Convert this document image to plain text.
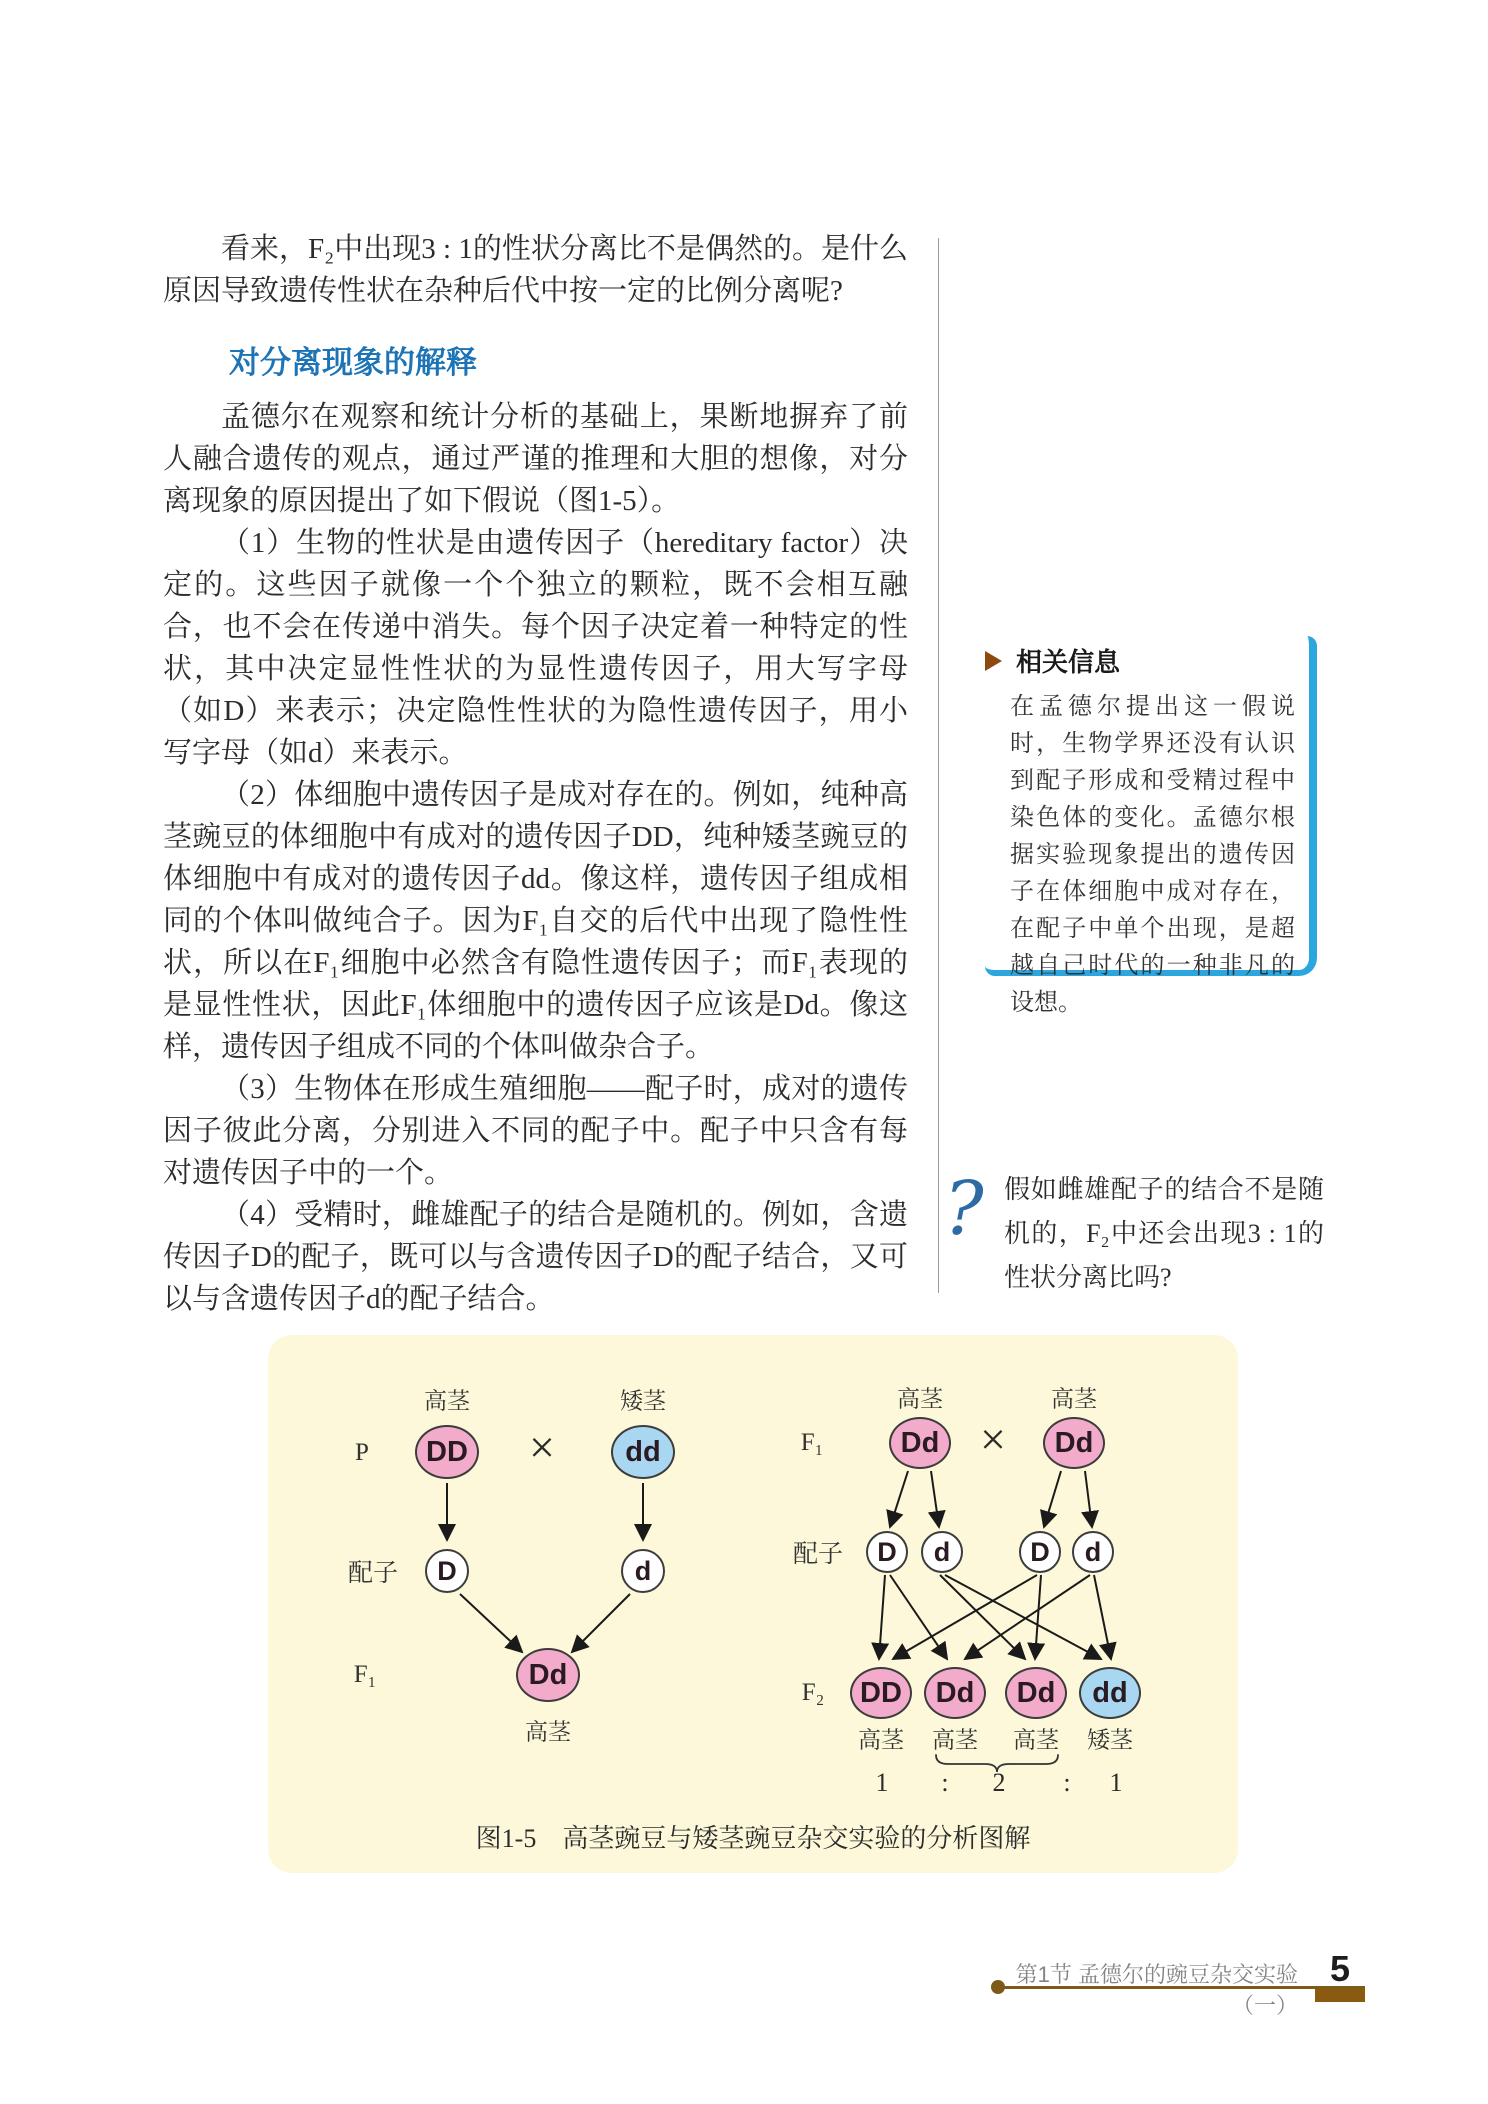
看来，F₂中出现3 : 1的性状分离比不是偶然的。是什么原因导致遗传性状在杂种后代中按一定的比例分离呢?

对分离现象的解释

孟德尔在观察和统计分析的基础上，果断地摒弃了前人融合遗传的观点，通过严谨的推理和大胆的想像，对分离现象的原因提出了如下假说（图1-5）。

（1）生物的性状是由遗传因子（hereditary factor）决定的。这些因子就像一个个独立的颗粒，既不会相互融合，也不会在传递中消失。每个因子决定着一种特定的性状，其中决定显性性状的为显性遗传因子，用大写字母（如D）来表示；决定隐性性状的为隐性遗传因子，用小写字母（如d）来表示。

（2）体细胞中遗传因子是成对存在的。例如，纯种高茎豌豆的体细胞中有成对的遗传因子DD，纯种矮茎豌豆的体细胞中有成对的遗传因子dd。像这样，遗传因子组成相同的个体叫做纯合子。因为F₁自交的后代中出现了隐性性状，所以在F₁细胞中必然含有隐性遗传因子；而F₁表现的是显性性状，因此F₁体细胞中的遗传因子应该是Dd。像这样，遗传因子组成不同的个体叫做杂合子。

（3）生物体在形成生殖细胞——配子时，成对的遗传因子彼此分离，分别进入不同的配子中。配子中只含有每对遗传因子中的一个。

（4）受精时，雌雄配子的结合是随机的。例如，含遗传因子D的配子，既可以与含遗传因子D的配子结合，又可以与含遗传因子d的配子结合。

相关信息
在孟德尔提出这一假说时，生物学界还没有认识到配子形成和受精过程中染色体的变化。孟德尔根据实验现象提出的遗传因子在体细胞中成对存在，在配子中单个出现，是超越自己时代的一种非凡的设想。
? 假如雌雄配子的结合不是随机的，F₂中还会出现3 : 1的性状分离比吗?
高茎	矮茎
P	DD ×	dd
配子	D	d
F₁	Dd
高茎
F₁
高茎	高茎
Dd ×	Dd
配子	D	d	D	d
F₂	DD	Dd	Dd	dd
高茎 高茎 高茎 矮茎
1 : 2 : 1
图1-5　高茎豌豆与矮茎豌豆杂交实验的分析图解
第1节 孟德尔的豌豆杂交实验（一）
5
